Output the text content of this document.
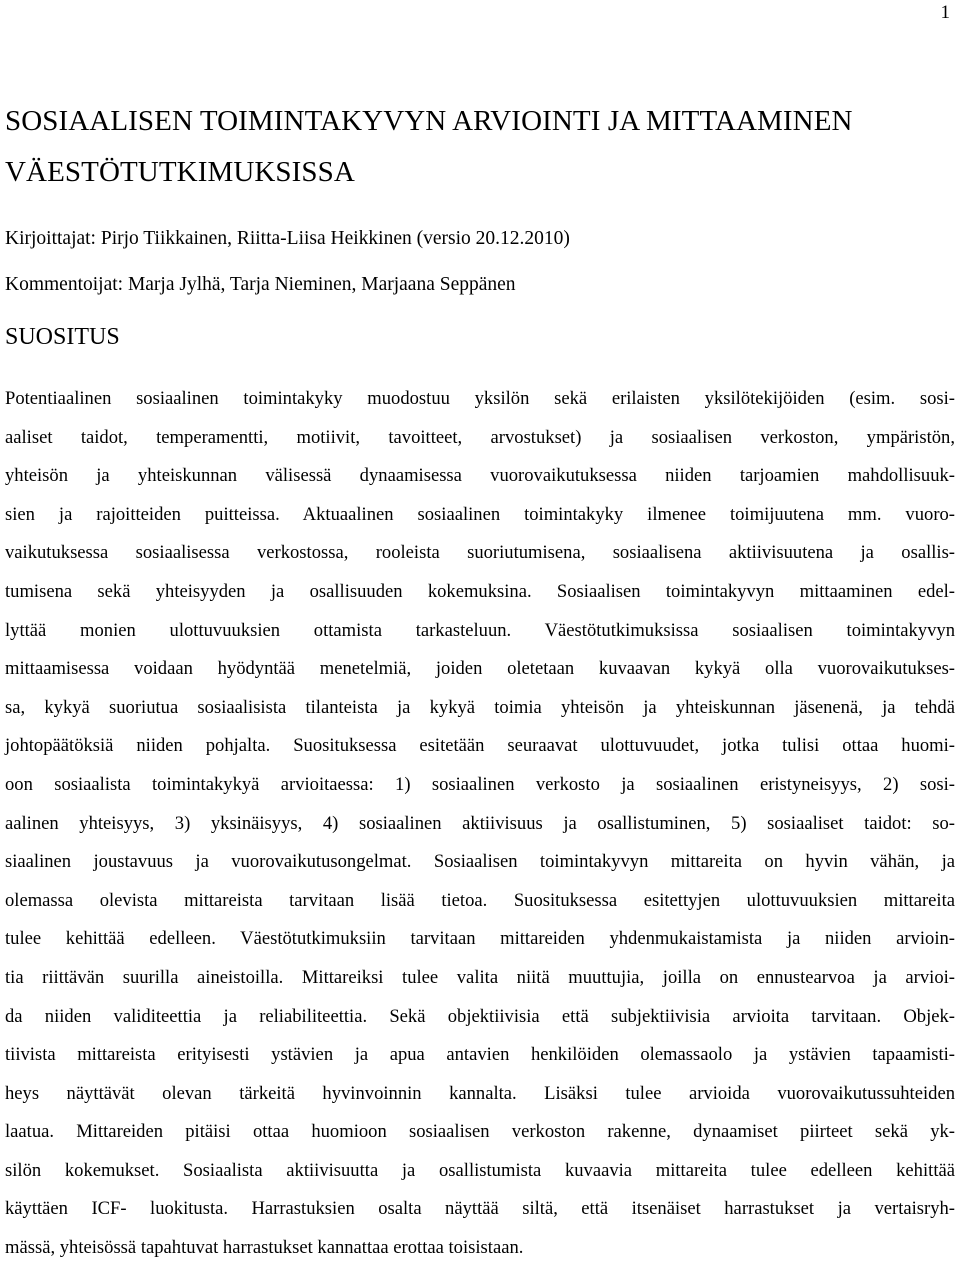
1
SOSIAALISEN TOIMINTAKYVYN ARVIOINTI JA MITTAAMINEN
VÄESTÖTUTKIMUKSISSA
Kirjoittajat: Pirjo Tiikkainen, Riitta-Liisa Heikkinen (versio 20.12.2010)
Kommentoijat: Marja Jylhä, Tarja Nieminen, Marjaana Seppänen
SUOSITUS
Potentiaalinen sosiaalinen toimintakyky muodostuu yksilön sekä erilaisten yksilötekijöiden (esim. sosi-
aaliset taidot, temperamentti, motiivit, tavoitteet, arvostukset) ja sosiaalisen verkoston, ympäristön,
yhteisön ja yhteiskunnan välisessä dynaamisessa vuorovaikutuksessa niiden tarjoamien mahdollisuuk-
sien ja rajoitteiden puitteissa. Aktuaalinen sosiaalinen toimintakyky ilmenee toimijuutena mm. vuoro-
vaikutuksessa sosiaalisessa verkostossa, rooleista suoriutumisena, sosiaalisena aktiivisuutena ja osallis-
tumisena sekä yhteisyyden ja osallisuuden kokemuksina. Sosiaalisen toimintakyvyn mittaaminen edel-
lyttää monien ulottuvuuksien ottamista tarkasteluun. Väestötutkimuksissa sosiaalisen toimintakyvyn
mittaamisessa voidaan hyödyntää menetelmiä, joiden oletetaan kuvaavan kykyä olla vuorovaikutukses-
sa, kykyä suoriutua sosiaalisista tilanteista ja kykyä toimia yhteisön ja yhteiskunnan jäsenenä, ja tehdä
johtopäätöksiä niiden pohjalta. Suosituksessa esitetään seuraavat ulottuvuudet, jotka tulisi ottaa huomi-
oon sosiaalista toimintakykyä arvioitaessa: 1) sosiaalinen verkosto ja sosiaalinen eristyneisyys, 2) sosi-
aalinen yhteisyys, 3) yksinäisyys, 4) sosiaalinen aktiivisuus ja osallistuminen, 5) sosiaaliset taidot: so-
siaalinen joustavuus ja vuorovaikutusongelmat. Sosiaalisen toimintakyvyn mittareita on hyvin vähän, ja
olemassa olevista mittareista tarvitaan lisää tietoa. Suosituksessa esitettyjen ulottuvuuksien mittareita
tulee kehittää edelleen. Väestötutkimuksiin tarvitaan mittareiden yhdenmukaistamista ja niiden arvioin-
tia riittävän suurilla aineistoilla. Mittareiksi tulee valita niitä muuttujia, joilla on ennustearvoa ja arvioi-
da niiden validiteettia ja reliabiliteettia. Sekä objektiivisia että subjektiivisia arvioita tarvitaan. Objek-
tiivista mittareista erityisesti ystävien ja apua antavien henkilöiden olemassaolo ja ystävien tapaamisti-
heys näyttävät olevan tärkeitä hyvinvoinnin kannalta. Lisäksi tulee arvioida vuorovaikutussuhteiden
laatua. Mittareiden pitäisi ottaa huomioon sosiaalisen verkoston rakenne, dynaamiset piirteet sekä yk-
silön kokemukset. Sosiaalista aktiivisuutta ja osallistumista kuvaavia mittareita tulee edelleen kehittää
käyttäen ICF- luokitusta. Harrastuksien osalta näyttää siltä, että itsenäiset harrastukset ja vertaisryh-
mässä, yhteisössä tapahtuvat harrastukset kannattaa erottaa toisistaan.
